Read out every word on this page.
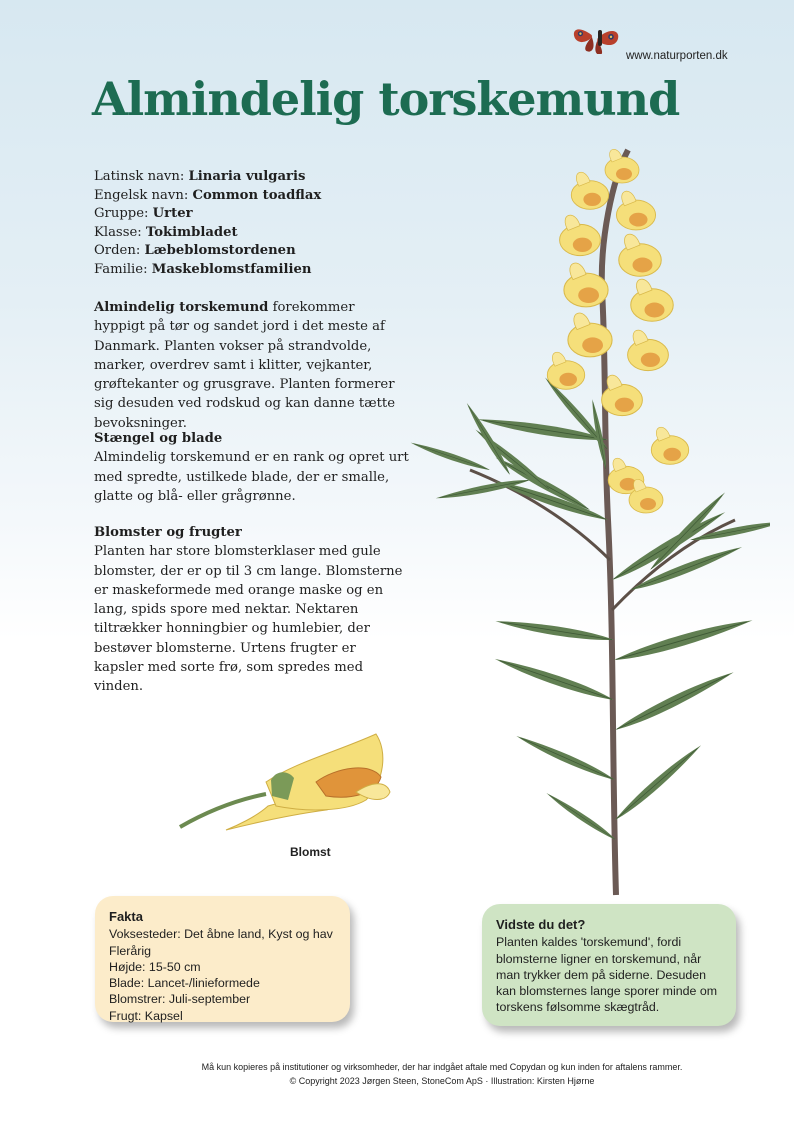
www.naturporten.dk
Almindelig torskemund
Latinsk navn: Linaria vulgaris
Engelsk navn: Common toadflax
Gruppe: Urter
Klasse: Tokimbladet
Orden: Læbeblomstordenen
Familie: Maskeblomstfamilien

Almindelig torskemund forekommer hyppigt på tør og sandet jord i det meste af Danmark. Planten vokser på strandvolde, marker, overdrev samt i klitter, vejkanter, grøftekanter og grusgrave. Planten formerer sig desuden ved rodskud og kan danne tætte bevoksninger.

Stængel og blade

Almindelig torskemund er en rank og opret urt med spredte, ustilkede blade, der er smalle, glatte og blå- eller grågrønne.

Blomster og frugter

Planten har store blomsterklaser med gule blomster, der er op til 3 cm lange. Blomsterne er maskeformede med orange maske og en lang, spids spore med nektar. Nektaren tiltrækker honningbier og humlebier, der bestøver blomsterne. Urtens frugter er kapsler med sorte frø, som spredes med vinden.

Blomst
Fakta
Voksesteder: Det åbne land, Kyst og hav
Flerårig
Højde: 15-50 cm
Blade: Lancet-/linieformede
Blomstrer: Juli-september
Frugt: Kapsel
Vidste du det?
Planten kaldes 'torskemund', fordi blomsterne ligner en torskemund, når man trykker dem på siderne. Desuden kan blomsternes lange sporer minde om torskens følsomme skægtråd.
Må kun kopieres på institutioner og virksomheder, der har indgået aftale med Copydan og kun inden for aftalens rammer.
© Copyright 2023 Jørgen Steen, StoneCom ApS · Illustration: Kirsten Hjørne
